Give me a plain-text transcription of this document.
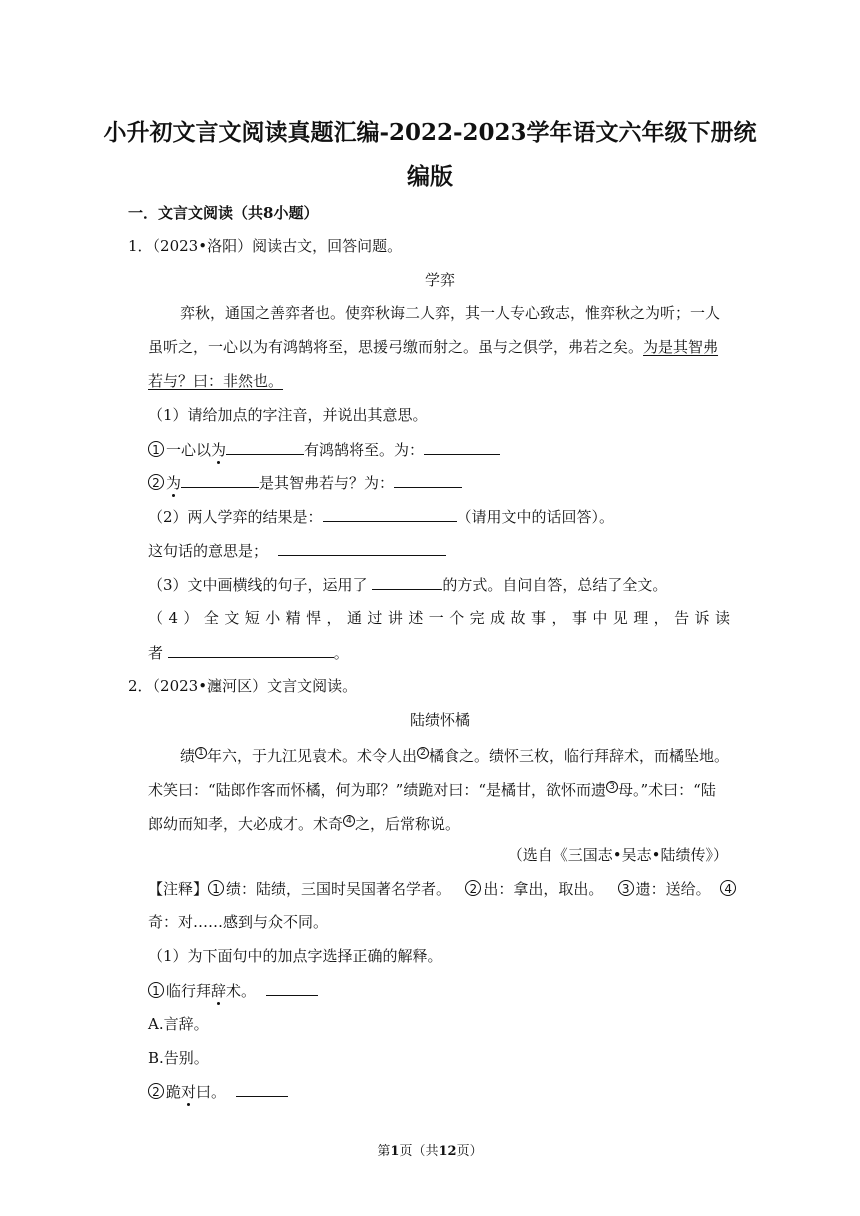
小升初文言文阅读真题汇编-2022-2023学年语文六年级下册统
编版
一．文言文阅读（共8小题）
1．（2023•洛阳）阅读古文，回答问题。
学弈
弈秋，通国之善弈者也。使弈秋诲二人弈，其一人专心致志，惟弈秋之为听；一人
虽听之，一心以为有鸿鹄将至，思援弓缴而射之。虽与之俱学，弗若之矣。为是其智弗
若与？曰：非然也。
（1）请给加点的字注音，并说出其意思。
1 一心以为	有鸿鹄将至。为：
2 为	是其智弗若与？为：
（2）两人学弈的结果是：	（请用文中的话回答）。
这句话的意思是；
（3）文中画横线的句子，运用了	的方式。自问自答，总结了全文。
（4）全文短小精悍，通过讲述一个完成故事，事中见理，告诉读
者	。
2．（2023•瀍河区）文言文阅读。
陆绩怀橘
绩 $^1$ 年六，于九江见袁术。术令人出 $^2$ 橘食之。绩怀三枚，临行拜辞术，而橘坠地。
术笑曰：“陆郎作客而怀橘，何为耶？”绩跪对曰：“是橘甘，欲怀而遗 $^3$ 母。”术曰：“陆
郎幼而知孝，大必成才。术奇 $^4$ 之，后常称说。
（选自《三国志•吴志•陆绩传》）
【注释】 1 绩：陆绩，三国时吴国著名学者。 2 出：拿出，取出。 3 遗：送给。 4
奇：对……感到与众不同。
（1）为下面句中的加点字选择正确的解释。
1 临行拜辞术。
A.言辞。
B.告别。
2 跪对曰。
第1页（共12页）
